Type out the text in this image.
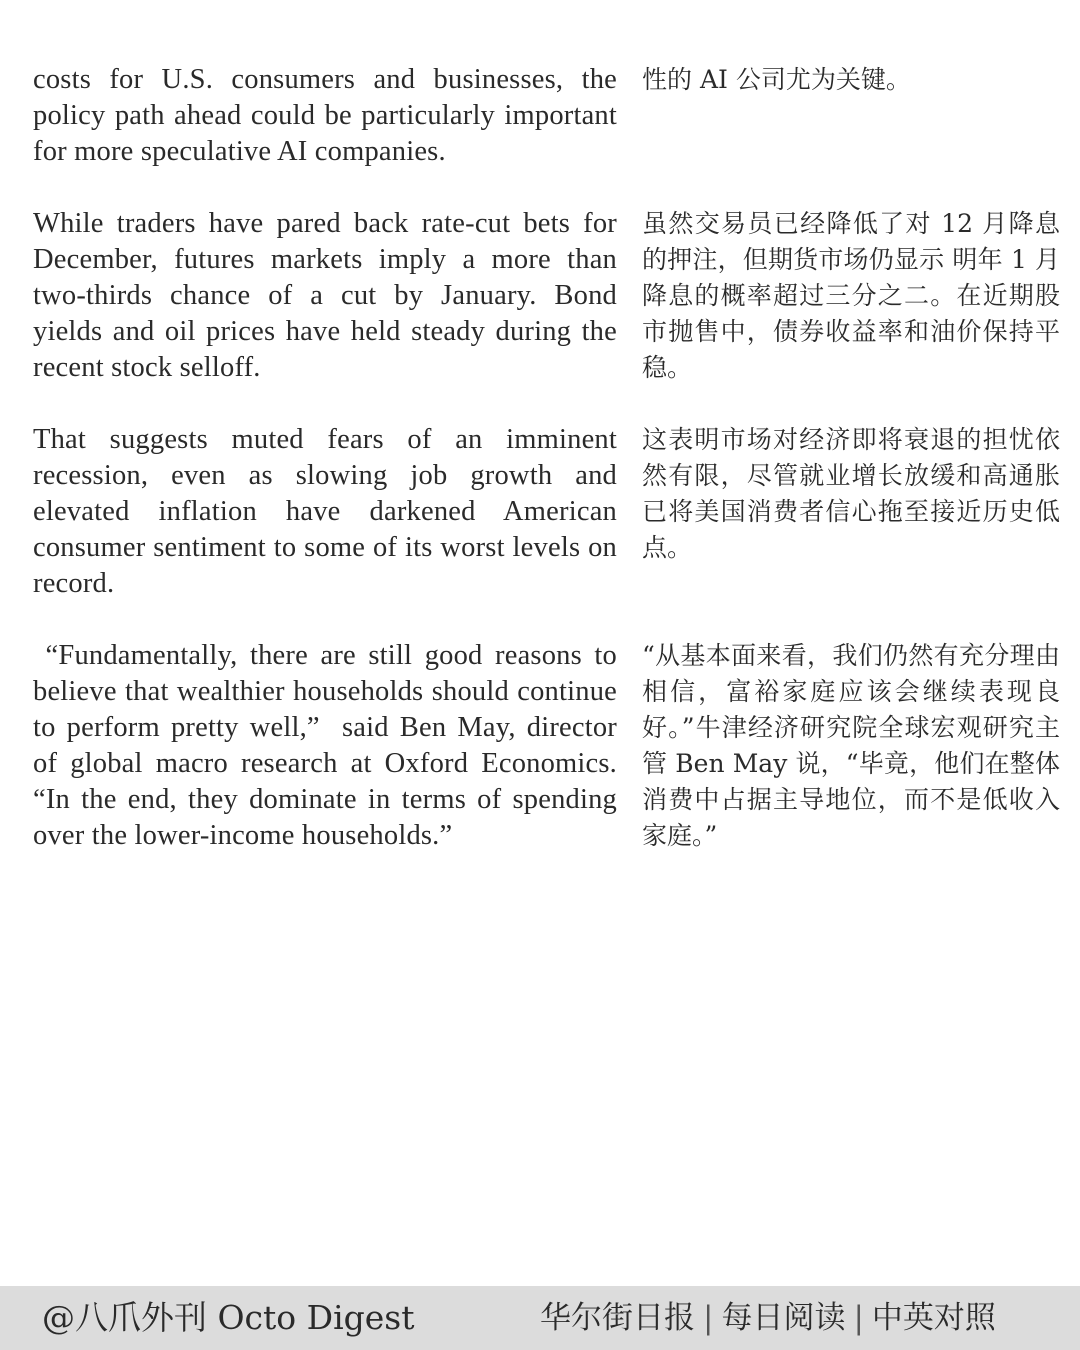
costs for U.S. consumers and businesses, the policy path ahead could be particularly important for more speculative AI companies.

性的 AI 公司尤为关键。

While traders have pared back rate-cut bets for December, futures markets imply a more than two-thirds chance of a cut by January. Bond yields and oil prices have held steady during the recent stock selloff.

虽然交易员已经降低了对 12 月降息的押注，但期货市场仍显示 明年 1 月降息的概率超过三分之二。在近期股市抛售中，债券收益率和油价保持平稳。

That suggests muted fears of an imminent recession, even as slowing job growth and elevated inflation have darkened American consumer sentiment to some of its worst levels on record.

这表明市场对经济即将衰退的担忧依然有限，尽管就业增长放缓和高通胀已将美国消费者信心拖至接近历史低点。

“Fundamentally, there are still good reasons to believe that wealthier households should continue to perform pretty well,”  said Ben May, director of global macro research at Oxford Economics.  “In the end, they dominate in terms of spending over the lower-income households.”

“从基本面来看，我们仍然有充分理由相信，富裕家庭应该会继续表现良好。”牛津经济研究院全球宏观研究主管 Ben May 说，“毕竟，他们在整体消费中占据主导地位，而不是低收入家庭。”

@八爪外刊 Octo Digest	华尔街日报 | 每日阅读 | 中英对照
